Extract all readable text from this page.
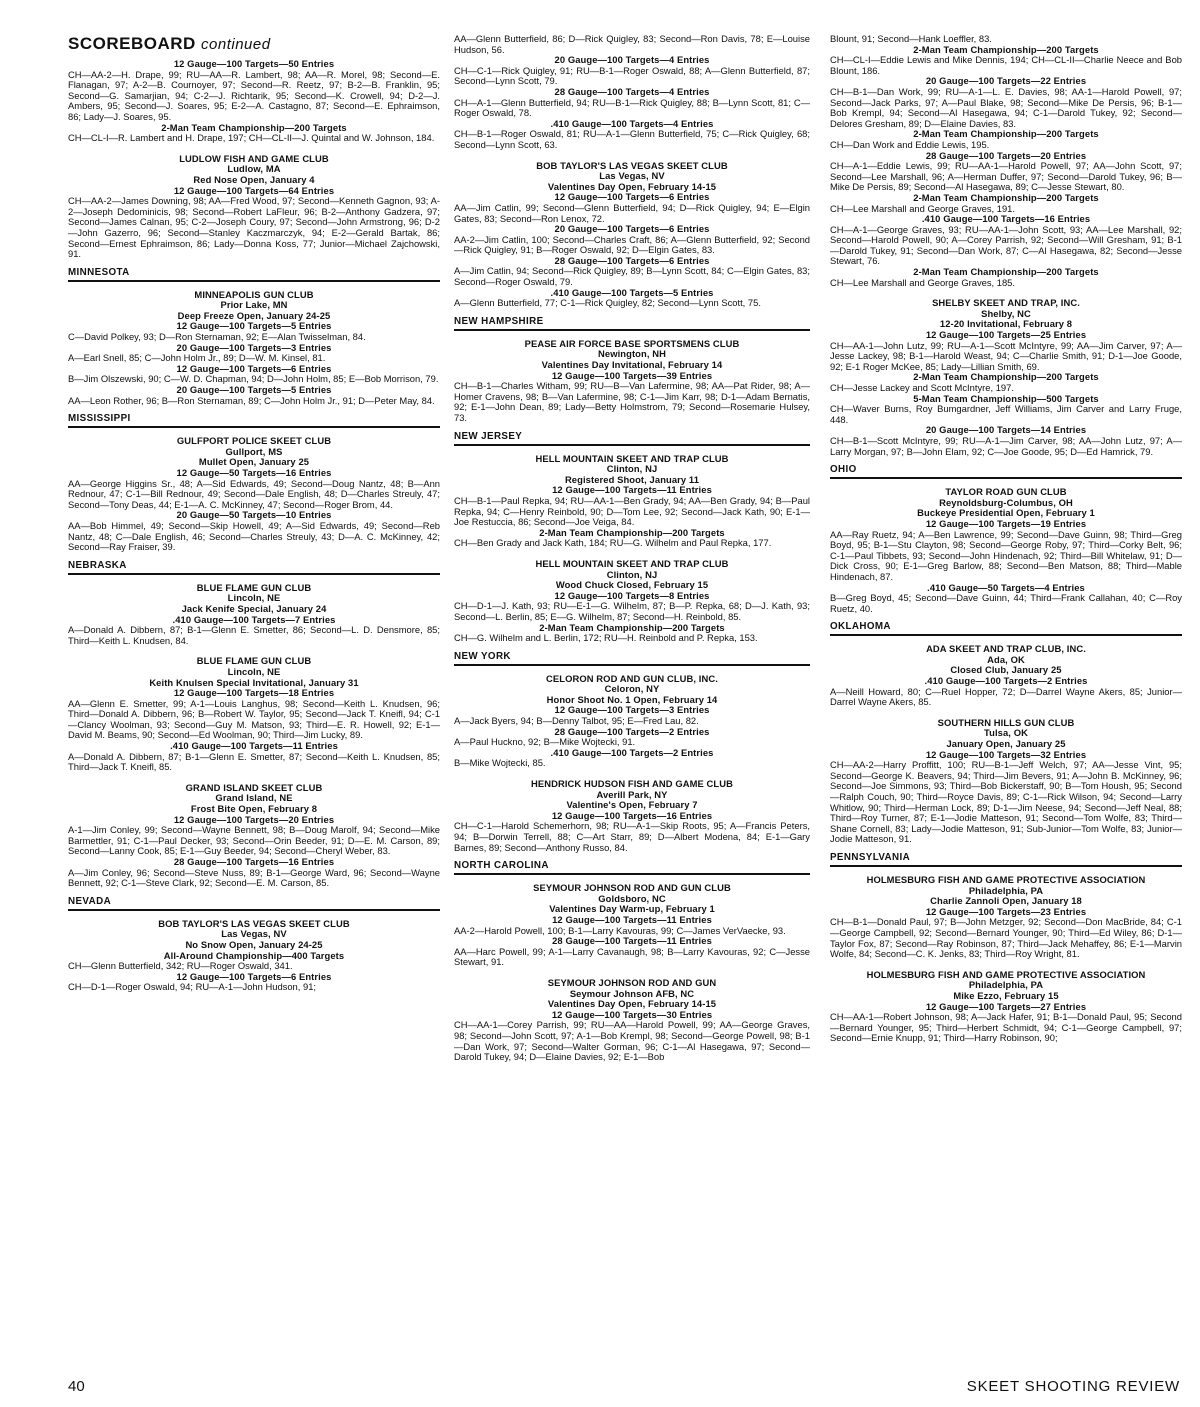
SCOREBOARD continued
12 Gauge—100 Targets—50 Entries
CH—AA-2—H. Drape, 99; RU—AA—R. Lambert, 98; AA—R. Morel, 98; Second—E. Flanagan, 97; A-2—B. Cournoyer, 97; Second—R. Reetz, 97; B-2—B. Franklin, 95; Second—G. Samarjian, 94; C-2—J. Richtarik, 95; Second—K. Crowell, 94; D-2—J. Ambers, 95; Second—J. Soares, 95; E-2—A. Castagno, 87; Second—E. Ephraimson, 86; Lady—J. Soares, 95.
2-Man Team Championship—200 Targets
CH—CL-I—R. Lambert and H. Drape, 197; CH—CL-II—J. Quintal and W. Johnson, 184.
LUDLOW FISH AND GAME CLUB
Ludlow, MA
Red Nose Open, January 4
12 Gauge—100 Targets—64 Entries
CH—AA-2—James Downing, 98; AA—Fred Wood, 97; Second—Kenneth Gagnon, 93; A-2—Joseph Dedominicis, 98; Second—Robert LaFleur, 96; B-2—Anthony Gadzera, 97; Second—James Calnan, 95; C-2—Joseph Coury, 97; Second—John Armstrong, 96; D-2—John Gazerro, 96; Second—Stanley Kaczmarczyk, 94; E-2—Gerald Bartak, 86; Second—Ernest Ephraimson, 86; Lady—Donna Koss, 77; Junior—Michael Zajchowski, 91.
MINNESOTA
MINNEAPOLIS GUN CLUB
Prior Lake, MN
Deep Freeze Open, January 24-25
12 Gauge—100 Targets—5 Entries
C—David Polkey, 93; D—Ron Sternaman, 92; E—Alan Twisselman, 84.
20 Gauge—100 Targets—3 Entries
A—Earl Snell, 85; C—John Holm Jr., 89; D—W. M. Kinsel, 81.
12 Gauge—100 Targets—6 Entries
B—Jim Olszewski, 90; C—W. D. Chapman, 94; D—John Holm, 85; E—Bob Morrison, 79.
20 Gauge—100 Targets—5 Entries
AA—Leon Rother, 96; B—Ron Sternaman, 89; C—John Holm Jr., 91; D—Peter May, 84.
MISSISSIPPI
GULFPORT POLICE SKEET CLUB
Gullport, MS
Mullet Open, January 25
12 Gauge—50 Targets—16 Entries
AA—George Higgins Sr., 48; A—Sid Edwards, 49; Second—Doug Nantz, 48; B—Ann Rednour, 47; C-1—Bill Rednour, 49; Second—Dale English, 48; D—Charles Streuly, 47; Second—Tony Deas, 44; E-1—A. C. McKinney, 47; Second—Roger Brom, 44.
20 Gauge—50 Targets—10 Entries
AA—Bob Himmel, 49; Second—Skip Howell, 49; A—Sid Edwards, 49; Second—Reb Nantz, 48; C—Dale English, 46; Second—Charles Streuly, 43; D—A. C. McKinney, 42; Second—Ray Fraiser, 39.
NEBRASKA
BLUE FLAME GUN CLUB
Lincoln, NE
Jack Kenife Special, January 24
.410 Gauge—100 Targets—7 Entries
A—Donald A. Dibbern, 87; B-1—Glenn E. Smetter, 86; Second—L. D. Densmore, 85; Third—Keith L. Knudsen, 84.
BLUE FLAME GUN CLUB
Lincoln, NE
Keith Knulsen Special Invitational, January 31
12 Gauge—100 Targets—18 Entries
AA—Glenn E. Smetter, 99; A-1—Louis Langhus, 98; Second—Keith L. Knudsen, 96; Third—Donald A. Dibbern, 96; B—Robert W. Taylor, 95; Second—Jack T. Kneifl, 94; C-1—Clancy Woolman, 93; Second—Guy M. Matson, 93; Third—E. R. Howell, 92; E-1—David M. Beams, 90; Second—Ed Woolman, 90; Third—Jim Lucky, 89.
.410 Gauge—100 Targets—11 Entries
A—Donald A. Dibbern, 87; B-1—Glenn E. Smetter, 87; Second—Keith L. Knudsen, 85; Third—Jack T. Kneifl, 85.
GRAND ISLAND SKEET CLUB
Grand Island, NE
Frost Bite Open, February 8
12 Gauge—100 Targets—20 Entries
A-1—Jim Conley, 99; Second—Wayne Bennett, 98; B—Doug Marolf, 94; Second—Mike Barmettler, 91; C-1—Paul Decker, 93; Second—Orin Beeder, 91; D—E. M. Carson, 89; Second—Lanny Cook, 85; E-1—Guy Beeder, 94; Second—Cheryl Weber, 83.
28 Gauge—100 Targets—16 Entries
A—Jim Conley, 96; Second—Steve Nuss, 89; B-1—George Ward, 96; Second—Wayne Bennett, 92; C-1—Steve Clark, 92; Second—E. M. Carson, 85.
NEVADA
BOB TAYLOR'S LAS VEGAS SKEET CLUB
Las Vegas, NV
No Snow Open, January 24-25
All-Around Championship—400 Targets
CH—Glenn Butterfield, 342; RU—Roger Oswald, 341.
12 Gauge—100 Targets—6 Entries
CH—D-1—Roger Oswald, 94; RU—A-1—John Hudson, 91;
AA—Glenn Butterfield, 86; D—Rick Quigley, 83; Second—Ron Davis, 78; E—Louise Hudson, 56.
20 Gauge—100 Targets—4 Entries
CH—C-1—Rick Quigley, 91; RU—B-1—Roger Oswald, 88; A—Glenn Butterfield, 87; Second—Lynn Scott, 79.
28 Gauge—100 Targets—4 Entries
CH—A-1—Glenn Butterfield, 94; RU—B-1—Rick Quigley, 88; B—Lynn Scott, 81; C—Roger Oswald, 78.
.410 Gauge—100 Targets—4 Entries
CH—B-1—Roger Oswald, 81; RU—A-1—Glenn Butterfield, 75; C—Rick Quigley, 68; Second—Lynn Scott, 63.
BOB TAYLOR'S LAS VEGAS SKEET CLUB
Las Vegas, NV
Valentines Day Open, February 14-15
12 Gauge—100 Targets—6 Entries
AA—Jim Catlin, 99; Second—Glenn Butterfield, 94; D—Rick Quigley, 94; E—Elgin Gates, 83; Second—Ron Lenox, 72.
20 Gauge—100 Targets—6 Entries
AA-2—Jim Catlin, 100; Second—Charles Craft, 86; A—Glenn Butterfield, 92; Second—Rick Quigley, 91; B—Roger Oswald, 92; D—Elgin Gates, 83.
28 Gauge—100 Targets—6 Entries
A—Jim Catlin, 94; Second—Rick Quigley, 89; B—Lynn Scott, 84; C—Elgin Gates, 83; Second—Roger Oswald, 79.
.410 Gauge—100 Targets—5 Entries
A—Glenn Butterfield, 77; C-1—Rick Quigley, 82; Second—Lynn Scott, 75.
NEW HAMPSHIRE
PEASE AIR FORCE BASE SPORTSMENS CLUB
Newington, NH
Valentines Day Invitational, February 14
12 Gauge—100 Targets—39 Entries
CH—B-1—Charles Witham, 99; RU—B—Van Lafermine, 98; AA—Pat Rider, 98; A—Homer Cravens, 98; B—Van Lafermine, 98; C-1—Jim Karr, 98; D-1—Adam Bernatis, 92; E-1—John Dean, 89; Lady—Betty Holmstrom, 79; Second—Rosemarie Hulsey, 73.
NEW JERSEY
HELL MOUNTAIN SKEET AND TRAP CLUB
Clinton, NJ
Registered Shoot, January 11
12 Gauge—100 Targets—11 Entries
CH—B-1—Paul Repka, 94; RU—AA-1—Ben Grady, 94; AA—Ben Grady, 94; B—Paul Repka, 94; C—Henry Reinbold, 90; D—Tom Lee, 92; Second—Jack Kath, 90; E-1—Joe Restuccia, 86; Second—Joe Veiga, 84.
2-Man Team Championship—200 Targets
CH—Ben Grady and Jack Kath, 184; RU—G. Wilhelm and Paul Repka, 177.
HELL MOUNTAIN SKEET AND TRAP CLUB
Clinton, NJ
Wood Chuck Closed, February 15
12 Gauge—100 Targets—8 Entries
CH—D-1—J. Kath, 93; RU—E-1—G. Wilhelm, 87; B—P. Repka, 68; D—J. Kath, 93; Second—L. Berlin, 85; E—G. Wilhelm, 87; Second—H. Reinbold, 85.
2-Man Team Championship—200 Targets
CH—G. Wilhelm and L. Berlin, 172; RU—H. Reinbold and P. Repka, 153.
NEW YORK
CELORON ROD AND GUN CLUB, INC.
Celoron, NY
Honor Shoot No. 1 Open, February 14
12 Gauge—100 Targets—3 Entries
A—Jack Byers, 94; B—Denny Talbot, 95; E—Fred Lau, 82.
28 Gauge—100 Targets—2 Entries
A—Paul Huckno, 92; B—Mike Wojtecki, 91.
.410 Gauge—100 Targets—2 Entries
B—Mike Wojtecki, 85.
HENDRICK HUDSON FISH AND GAME CLUB
Averill Park, NY
Valentine's Open, February 7
12 Gauge—100 Targets—16 Entries
CH—C-1—Harold Schemerhorn, 98; RU—A-1—Skip Roots, 95; A—Francis Peters, 94; B—Dorwin Terrell, 88; C—Art Starr, 89; D—Albert Modena, 84; E-1—Gary Barnes, 89; Second—Anthony Russo, 84.
NORTH CAROLINA
SEYMOUR JOHNSON ROD AND GUN CLUB
Goldsboro, NC
Valentines Day Warm-up, February 1
12 Gauge—100 Targets—11 Entries
AA-2—Harold Powell, 100; B-1—Larry Kavouras, 99; C—James VerVaecke, 93.
28 Gauge—100 Targets—11 Entries
AA—Harc Powell, 99; A-1—Larry Cavanaugh, 98; B—Larry Kavouras, 92; C—Jesse Stewart, 91.
SEYMOUR JOHNSON ROD AND GUN
Seymour Johnson AFB, NC
Valentines Day Open, February 14-15
12 Gauge—100 Targets—30 Entries
CH—AA-1—Corey Parrish, 99; RU—AA—Harold Powell, 99; AA—George Graves, 98; Second—John Scott, 97; A-1—Bob Krempl, 98; Second—George Powell, 98; B-1—Dan Work, 97; Second—Walter Gorman, 96; C-1—Al Hasegawa, 97; Second—Darold Tukey, 94; D—Elaine Davies, 92; E-1—Bob
Blount, 91; Second—Hank Loeffler, 83.
2-Man Team Championship—200 Targets
CH—CL-I—Eddie Lewis and Mike Dennis, 194; CH—CL-II—Charlie Neece and Bob Blount, 186.
20 Gauge—100 Targets—22 Entries
CH—B-1—Dan Work, 99; RU—A-1—L. E. Davies, 98; AA-1—Harold Powell, 97; Second—Jack Parks, 97; A—Paul Blake, 98; Second—Mike De Persis, 96; B-1—Bob Krempl, 94; Second—Al Hasegawa, 94; C-1—Darold Tukey, 92; Second—Delores Gresham, 89; D—Elaine Davies, 83.
2-Man Team Championship—200 Targets
CH—Dan Work and Eddie Lewis, 195.
28 Gauge—100 Targets—20 Entries
CH—A-1—Eddie Lewis, 99; RU—AA-1—Harold Powell, 97; AA—John Scott, 97; Second—Lee Marshall, 96; A—Herman Duffer, 97; Second—Darold Tukey, 96; B—Mike De Persis, 89; Second—Al Hasegawa, 89; C—Jesse Stewart, 80.
2-Man Team Championship—200 Targets
CH—Lee Marshall and George Graves, 191.
.410 Gauge—100 Targets—16 Entries
CH—A-1—George Graves, 93; RU—AA-1—John Scott, 93; AA—Lee Marshall, 92; Second—Harold Powell, 90; A—Corey Parrish, 92; Second—Will Gresham, 91; B-1—Darold Tukey, 91; Second—Dan Work, 87; C—Al Hasegawa, 82; Second—Jesse Stewart, 76.
2-Man Team Championship—200 Targets
CH—Lee Marshall and George Graves, 185.
SHELBY SKEET AND TRAP, INC.
Shelby, NC
12-20 Invitational, February 8
12 Gauge—100 Targets—25 Entries
CH—AA-1—John Lutz, 99; RU—A-1—Scott McIntyre, 99; AA—Jim Carver, 97; A—Jesse Lackey, 98; B-1—Harold Weast, 94; C—Charlie Smith, 91; D-1—Joe Goode, 92; E-1 Roger McKee, 85; Lady—Lillian Smith, 69.
2-Man Team Championship—200 Targets
CH—Jesse Lackey and Scott McIntyre, 197.
5-Man Team Championship—500 Targets
CH—Waver Burns, Roy Bumgardner, Jeff Williams, Jim Carver and Larry Fruge, 448.
20 Gauge—100 Targets—14 Entries
CH—B-1—Scott McIntyre, 99; RU—A-1—Jim Carver, 98; AA—John Lutz, 97; A—Larry Morgan, 97; B—John Elam, 92; C—Joe Goode, 95; D—Ed Hamrick, 79.
OHIO
TAYLOR ROAD GUN CLUB
Reynoldsburg-Columbus, OH
Buckeye Presidential Open, February 1
12 Gauge—100 Targets—19 Entries
AA—Ray Ruetz, 94; A—Ben Lawrence, 99; Second—Dave Guinn, 98; Third—Greg Boyd, 95; B-1—Stu Clayton, 98; Second—George Roby, 97; Third—Corky Belt, 96; C-1—Paul Tibbets, 93; Second—John Hindenach, 92; Third—Bill Whitelaw, 91; D—Dick Cross, 90; E-1—Greg Barlow, 88; Second—Ben Matson, 88; Third—Mable Hindenach, 87.
.410 Gauge—50 Targets—4 Entries
B—Greg Boyd, 45; Second—Dave Guinn, 44; Third—Frank Callahan, 40; C—Roy Ruetz, 40.
OKLAHOMA
ADA SKEET AND TRAP CLUB, INC.
Ada, OK
Closed Club, January 25
.410 Gauge—100 Targets—2 Entries
A—Neill Howard, 80; C—Ruel Hopper, 72; D—Darrel Wayne Akers, 85; Junior—Darrel Wayne Akers, 85.
SOUTHERN HILLS GUN CLUB
Tulsa, OK
January Open, January 25
12 Gauge—100 Targets—32 Entries
CH—AA-2—Harry Proffitt, 100; RU—B-1—Jeff Welch, 97; AA—Jesse Vint, 95; Second—George K. Beavers, 94; Third—Jim Bevers, 91; A—John B. McKinney, 96; Second—Joe Simmons, 93; Third—Bob Bickerstaff, 90; B—Tom Housh, 95; Second—Ralph Couch, 90; Third—Royce Davis, 89; C-1—Rick Wilson, 94; Second—Larry Whitlow, 90; Third—Herman Lock, 89; D-1—Jim Neese, 94; Second—Jeff Neal, 88; Third—Roy Turner, 87; E-1—Jodie Matteson, 91; Second—Tom Wolfe, 83; Third—Shane Cornell, 83; Lady—Jodie Matteson, 91; Sub-Junior—Tom Wolfe, 83; Junior—Jodie Matteson, 91.
PENNSYLVANIA
HOLMESBURG FISH AND GAME PROTECTIVE ASSOCIATION
Philadelphia, PA
Charlie Zannoli Open, January 18
12 Gauge—100 Targets—23 Entries
CH—B-1—Donald Paul, 97; B—John Metzger, 92; Second—Don MacBride, 84; C-1—George Campbell, 92; Second—Bernard Younger, 90; Third—Ed Wiley, 86; D-1—Taylor Fox, 87; Second—Ray Robinson, 87; Third—Jack Mehaffey, 86; E-1—Marvin Wolfe, 84; Second—C. K. Jenks, 83; Third—Roy Wright, 81.
HOLMESBURG FISH AND GAME PROTECTIVE ASSOCIATION
Philadelphia, PA
Mike Ezzo, February 15
12 Gauge—100 Targets—27 Entries
CH—AA-1—Robert Johnson, 98; A—Jack Hafer, 91; B-1—Donald Paul, 95; Second—Bernard Younger, 95; Third—Herbert Schmidt, 94; C-1—George Campbell, 97; Second—Ernie Knupp, 91; Third—Harry Robinson, 90;
40	SKEET SHOOTING REVIEW
